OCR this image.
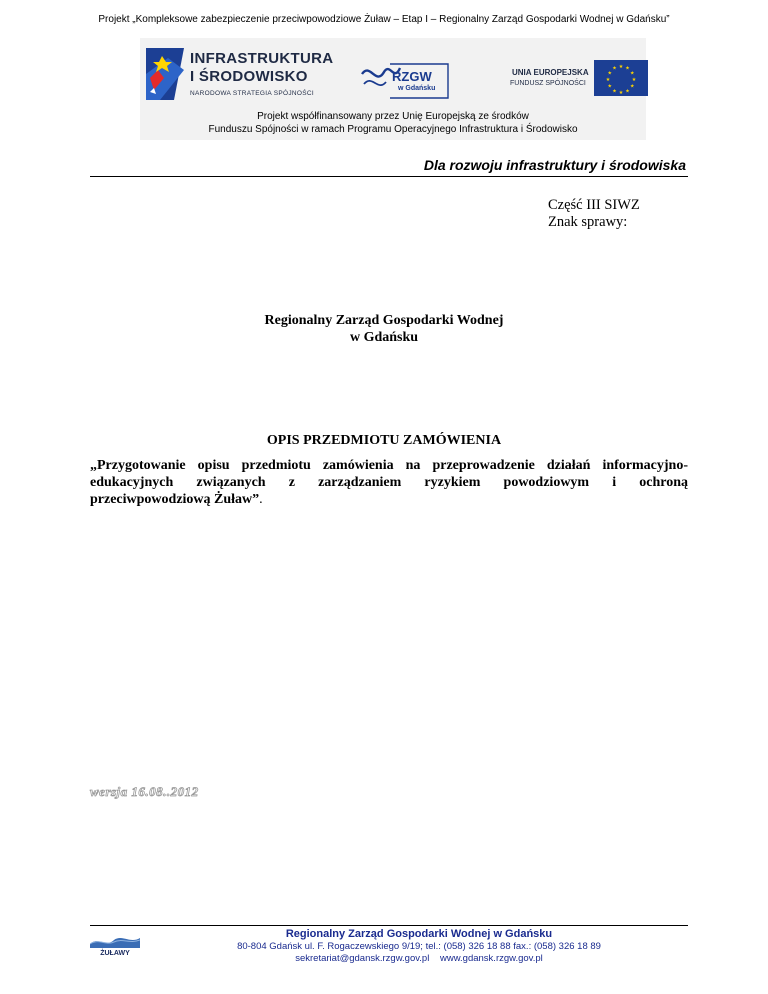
Projekt „Kompleksowe zabezpieczenie przeciwpowodziowe Żuław – Etap I – Regionalny Zarząd Gospodarki Wodnej w Gdańsku”
INFRASTRUKTURA
I ŚRODOWISKO
NARODOWA STRATEGIA SPÓJNOŚCI
RZGW
w Gdańsku
UNIA EUROPEJSKA
FUNDUSZ SPÓJNOŚCI
★ ★
★
★
★
★
★
★
★
★
★
★
Projekt współfinansowany przez Unię Europejską ze środków
Funduszu Spójności w ramach Programu Operacyjnego Infrastruktura i Środowisko
Dla rozwoju infrastruktury i środowiska
Część III SIWZ
Znak sprawy:
Regionalny Zarząd Gospodarki Wodnej
w Gdańsku
OPIS PRZEDMIOTU ZAMÓWIENIA
„Przygotowanie opisu przedmiotu zamówienia na przeprowadzenie działań informacyjno-
edukacyjnych związanych z zarządzaniem ryzykiem powodziowym i ochroną
przeciwpowodziową Żuław”.
wersja 16.08..2012
ŻUŁAWY
Regionalny Zarząd Gospodarki Wodnej w Gdańsku
80-804 Gdańsk ul. F. Rogaczewskiego 9/19; tel.: (058) 326 18 88 fax.: (058) 326 18 89
sekretariat@gdansk.rzgw.gov.pl www.gdansk.rzgw.gov.pl
